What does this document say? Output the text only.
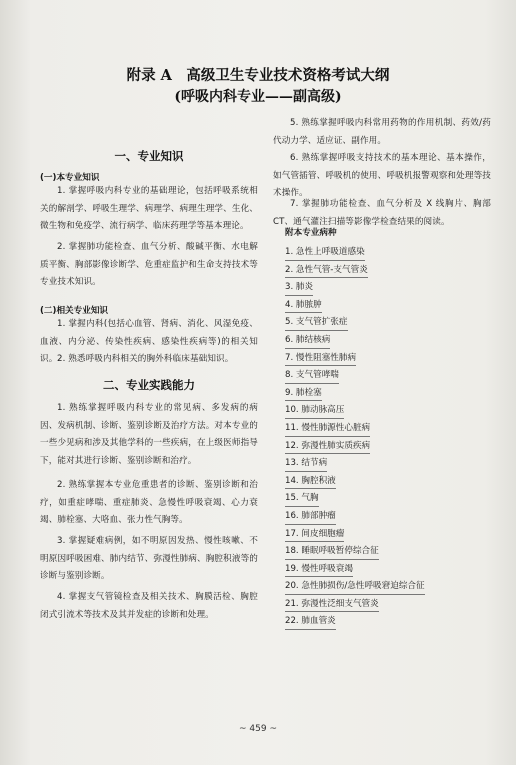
附录 A　高级卫生专业技术资格考试大纲
(呼吸内科专业——副高级)
一、专业知识
(一)本专业知识

1. 掌握呼吸内科专业的基础理论，包括呼吸系统相关的解剖学、呼吸生理学、病理学、病理生理学、生化、微生物和免疫学、流行病学、临床药理学等基本理论。

2. 掌握肺功能检查、血气分析、酸碱平衡、水电解质平衡、胸部影像诊断学、危重症监护和生命支持技术等专业技术知识。

(二)相关专业知识

1. 掌握内科(包括心血管、肾病、消化、风湿免疫、血液、内分泌、传染性疾病、感染性疾病等)的相关知识。 2. 熟悉呼吸内科相关的胸外科临床基础知识。

二、专业实践能力

1. 熟练掌握呼吸内科专业的常见病、多发病的病因、发病机制、诊断、鉴别诊断及治疗方法。对本专业的一些少见病和涉及其他学科的一些疾病，在上级医师指导下，能对其进行诊断、鉴别诊断和治疗。

2. 熟练掌握本专业危重患者的诊断、鉴别诊断和治疗，如重症哮喘、重症肺炎、急慢性呼吸衰竭、心力衰竭、肺栓塞、大咯血、张力性气胸等。

3. 掌握疑难病例，如不明原因发热、慢性咳嗽、不明原因呼吸困难、肺内结节、弥漫性肺病、胸腔积液等的诊断与鉴别诊断。

4. 掌握支气管镜检查及相关技术、胸膜活检、胸腔闭式引流术等技术及其并发症的诊断和处理。

5. 熟练掌握呼吸内科常用药物的作用机制、药效/药代动力学、适应证、副作用。

6. 熟练掌握呼吸支持技术的基本理论、基本操作，如气管插管、呼吸机的使用、呼吸机报警观察和处理等技术操作。

7. 掌握肺功能检查、血气分析及 X 线胸片、胸部 CT、通气灌注扫描等影像学检查结果的阅读。

附本专业病种
1. 急性上呼吸道感染
2. 急性气管-支气管炎
3. 肺炎
4. 肺脓肿
5. 支气管扩张症
6. 肺结核病
7. 慢性阻塞性肺病
8. 支气管哮喘
9. 肺栓塞
10. 肺动脉高压
11. 慢性肺源性心脏病
12. 弥漫性肺实质疾病
13. 结节病
14. 胸腔积液
15. 气胸
16. 肺部肿瘤
17. 间皮细胞瘤
18. 睡眠呼吸暂停综合征
19. 慢性呼吸衰竭
20. 急性肺损伤/急性呼吸窘迫综合征
21. 弥漫性泛细支气管炎
22. 肺血管炎
~ 459 ~
